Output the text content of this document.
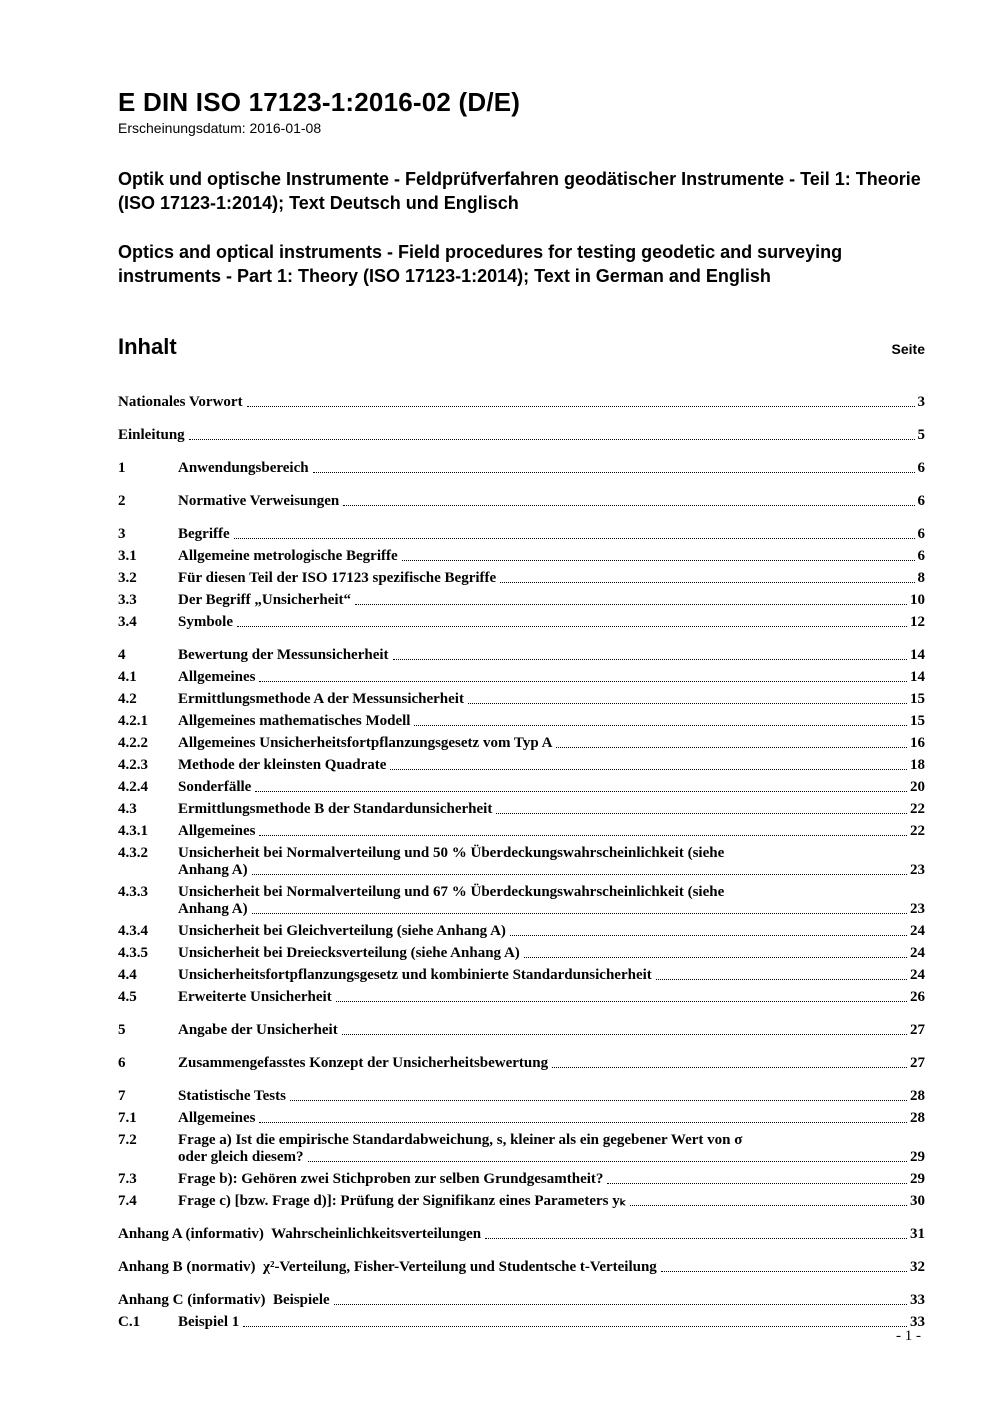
E DIN ISO 17123-1:2016-02 (D/E)
Erscheinungsdatum: 2016-01-08

Optik und optische Instrumente - Feldprüfverfahren geodätischer Instrumente - Teil 1: Theorie (ISO 17123-1:2014); Text Deutsch und Englisch

Optics and optical instruments - Field procedures for testing geodetic and surveying instruments - Part 1: Theory (ISO 17123-1:2014); Text in German and English

Inhalt	Seite
Nationales Vorwort	3
Einleitung	5
1	Anwendungsbereich	6
2	Normative Verweisungen	6
3	Begriffe	6
3.1	Allgemeine metrologische Begriffe	6
3.2	Für diesen Teil der ISO 17123 spezifische Begriffe	8
3.3	Der Begriff „Unsicherheit“	10
3.4	Symbole	12
4	Bewertung der Messunsicherheit	14
4.1	Allgemeines	14
4.2	Ermittlungsmethode A der Messunsicherheit	15
4.2.1	Allgemeines mathematisches Modell	15
4.2.2	Allgemeines Unsicherheitsfortpflanzungsgesetz vom Typ A	16
4.2.3	Methode der kleinsten Quadrate	18
4.2.4	Sonderfälle	20
4.3	Ermittlungsmethode B der Standardunsicherheit	22
4.3.1	Allgemeines	22
4.3.2	Unsicherheit bei Normalverteilung und 50 % Überdeckungswahrscheinlichkeit (siehe
Anhang A)	23
4.3.3	Unsicherheit bei Normalverteilung und 67 % Überdeckungswahrscheinlichkeit (siehe
Anhang A)	23
4.3.4	Unsicherheit bei Gleichverteilung (siehe Anhang A)	24
4.3.5	Unsicherheit bei Dreiecksverteilung (siehe Anhang A)	24
4.4	Unsicherheitsfortpflanzungsgesetz und kombinierte Standardunsicherheit	24
4.5	Erweiterte Unsicherheit	26
5	Angabe der Unsicherheit	27
6	Zusammengefasstes Konzept der Unsicherheitsbewertung	27
7	Statistische Tests	28
7.1	Allgemeines	28
7.2	Frage a) Ist die empirische Standardabweichung, s, kleiner als ein gegebener Wert von σ
oder gleich diesem?	29
7.3	Frage b): Gehören zwei Stichproben zur selben Grundgesamtheit?	29
7.4	Frage c) [bzw. Frage d)]: Prüfung der Signifikanz eines Parameters yₖ	30
Anhang A (informativ)  Wahrscheinlichkeitsverteilungen	31
Anhang B (normativ)  χ²-Verteilung, Fisher-Verteilung und Studentsche t-Verteilung	32
Anhang C (informativ)  Beispiele	33
C.1	Beispiel 1	33
- 1 -
